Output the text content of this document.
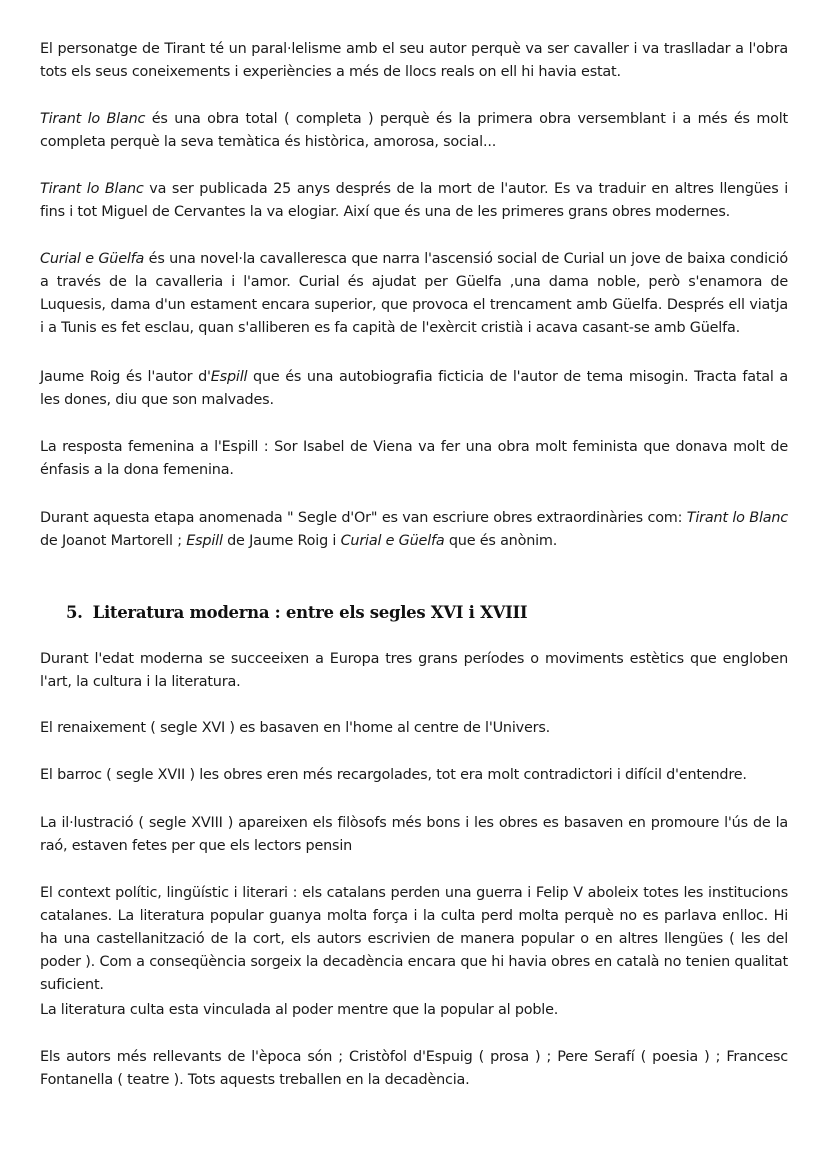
El personatge de Tirant té un paral·lelisme amb el seu autor perquè va ser cavaller i va traslladar a l'obra tots els seus coneixements i experiències a més de llocs reals on ell hi havia estat.

Tirant lo Blanc és una obra total ( completa ) perquè és la primera obra versemblant i a més és molt completa perquè la seva temàtica és històrica, amorosa, social...

Tirant lo Blanc va ser publicada 25 anys després de la mort de l'autor. Es va traduir en altres llengües i fins i tot Miguel de Cervantes la va elogiar. Així que és una de les primeres grans obres modernes.

Curial e Güelfa és una novel·la cavalleresca que narra l'ascensió social de Curial un jove de baixa condició a través de la cavalleria i l'amor. Curial és ajudat per Güelfa ,una dama noble, però s'enamora de Luquesis, dama d'un estament encara superior, que provoca el trencament amb Güelfa. Després ell viatja i a Tunis es fet esclau, quan s'alliberen es fa capità de l'exèrcit cristià i acava casant-se amb Güelfa.

Jaume Roig és l'autor d'Espill que és una autobiografia ficticia de l'autor de tema misogin. Tracta fatal a les dones, diu que son malvades.

La resposta femenina a l'Espill : Sor Isabel de Viena va fer una obra molt feminista que donava molt de énfasis a la dona femenina.

Durant aquesta etapa anomenada " Segle d'Or" es van escriure obres extraordinàries com: Tirant lo Blanc de Joanot Martorell ; Espill de Jaume Roig i Curial e Güelfa que és anònim.

5. Literatura moderna : entre els segles XVI i XVIII

Durant l'edat moderna se succeeixen a Europa tres grans períodes o moviments estètics que engloben l'art, la cultura i la literatura.

El renaixement ( segle XVI ) es basaven en l'home al centre de l'Univers.

El barroc ( segle XVII ) les obres eren més recargolades, tot era molt contradictori i difícil d'entendre.

La il·lustració ( segle XVIII ) apareixen els filòsofs més bons i les obres es basaven en promoure l'ús de la raó, estaven fetes per que els lectors pensin

El context polític, lingüístic i literari : els catalans perden una guerra i Felip V aboleix totes les institucions catalanes. La literatura popular guanya molta força i la culta perd molta perquè no es parlava enlloc. Hi ha una castellanització de la cort, els autors escrivien de manera popular o en altres llengües ( les del poder ). Com a conseqüència sorgeix la decadència encara que hi havia obres en català no tenien qualitat suficient.

La literatura culta esta vinculada al poder mentre que la popular al poble.

Els autors més rellevants de l'època són ; Cristòfol d'Espuig ( prosa ) ; Pere Serafí ( poesia ) ; Francesc Fontanella ( teatre ). Tots aquests treballen en la decadència.
